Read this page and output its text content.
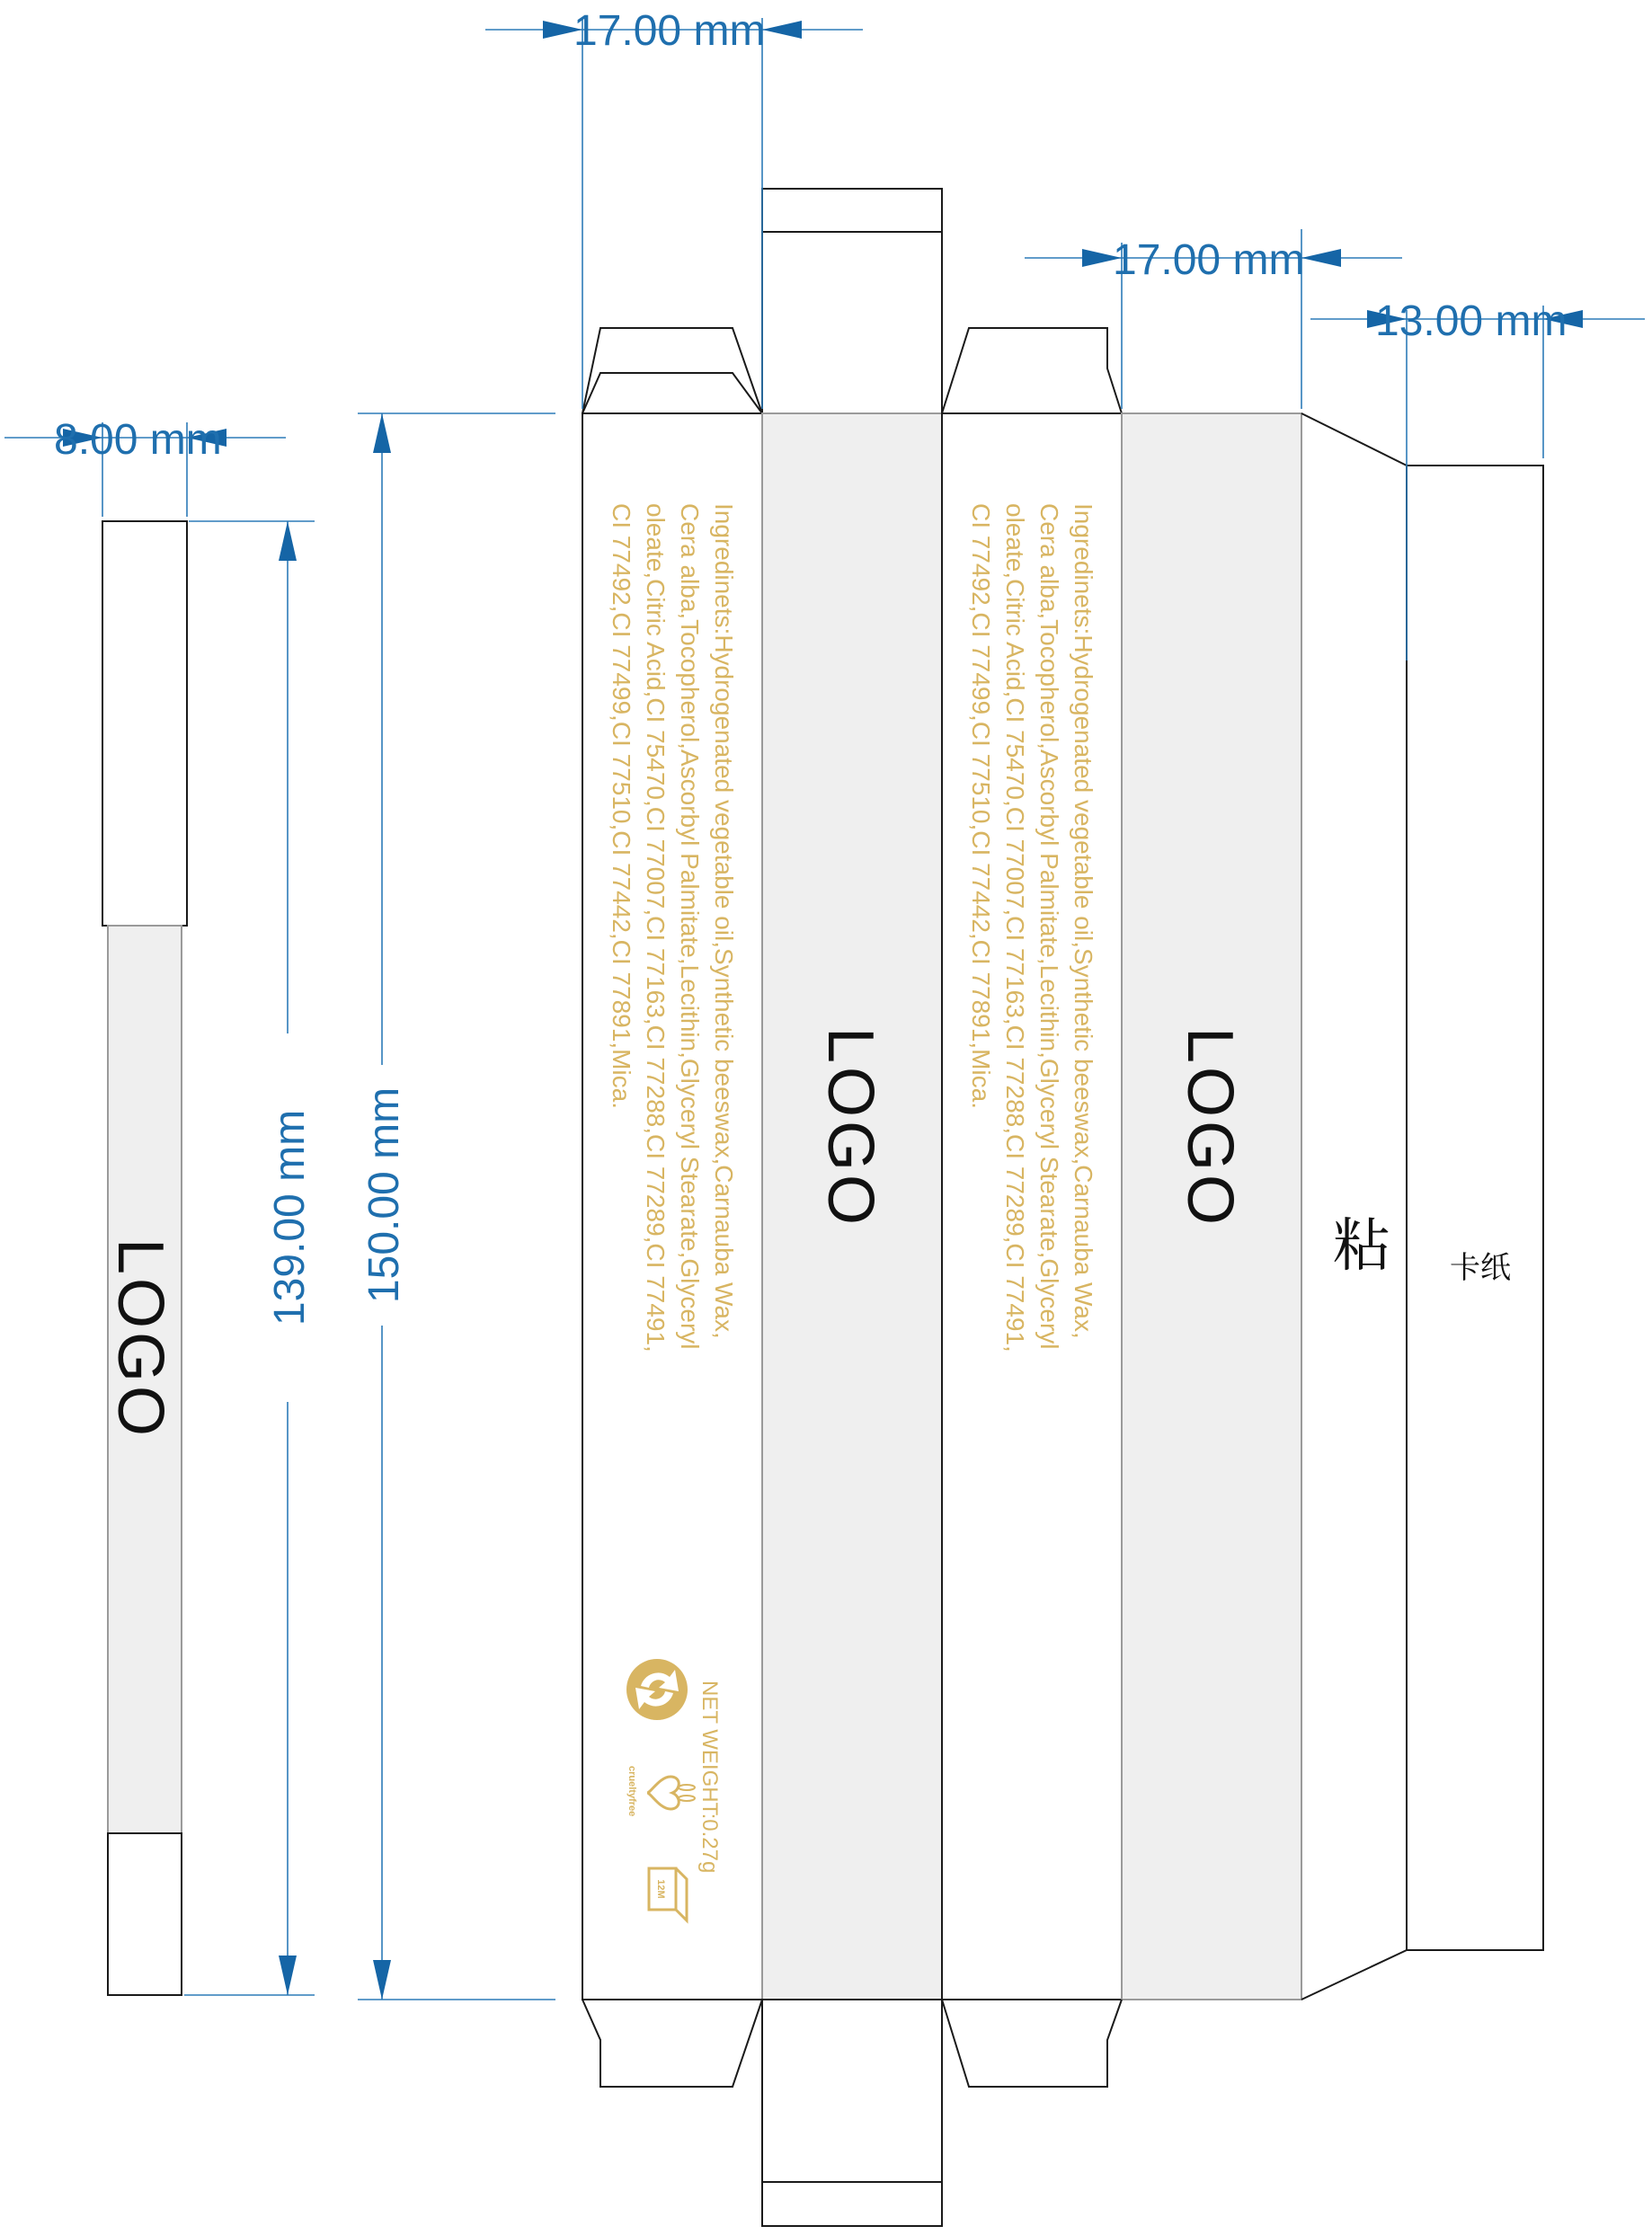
LOGO
LOGO	LOGO
Ingredinets:Hydrogenated vegetable oil,Synthetic beeswax,Carnauba Wax,
Cera alba,Tocopherol,Ascorbyl Palmitate,Lecithin,Glyceryl Stearate,Glyceryl
oleate,Citric Acid,CI 75470,CI 77007,CI 77163,CI 77288,CI 77289,CI 77491,
CI 77492,CI 77499,CI 77510,CI 77442,CI 77891,Mica.	Ingredinets:Hydrogenated vegetable oil,Synthetic beeswax,Carnauba Wax,
Cera alba,Tocopherol,Ascorbyl Palmitate,Lecithin,Glyceryl Stearate,Glyceryl
oleate,Citric Acid,CI 75470,CI 77007,CI 77163,CI 77288,CI 77289,CI 77491,
CI 77492,CI 77499,CI 77510,CI 77442,CI 77891,Mica.
NET WEIGHT:0.27g
crueltyfree
12M
粘 卡纸
17.00 mm
17.00 mm
13.00 mm
8.00 mm
139.00 mm 150.00 mm
